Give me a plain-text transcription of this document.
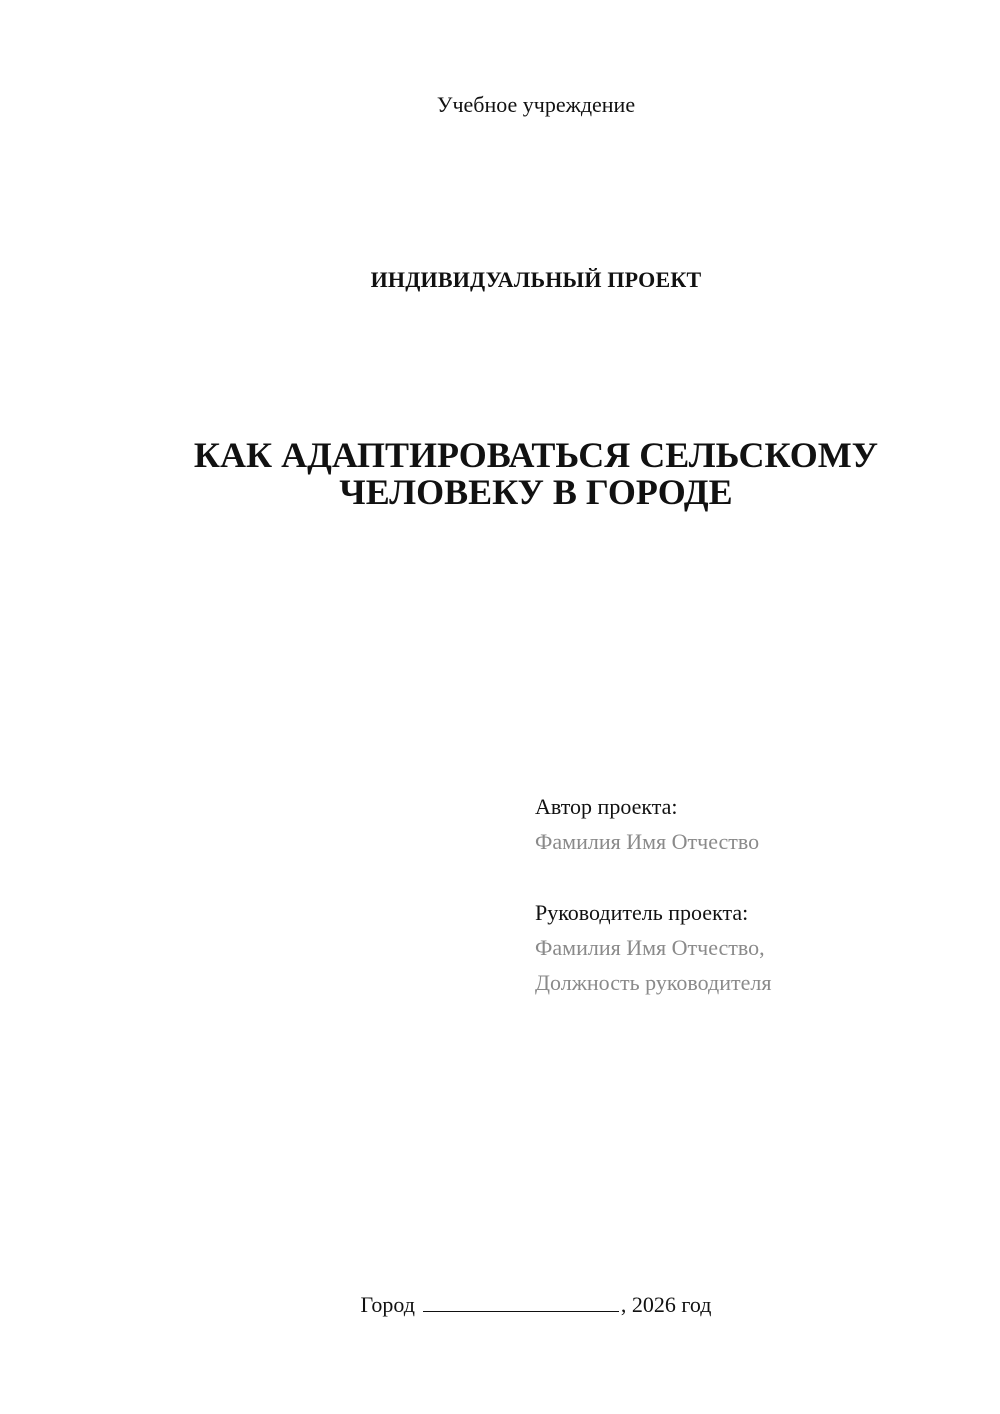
Учебное учреждение
ИНДИВИДУАЛЬНЫЙ ПРОЕКТ
КАК АДАПТИРОВАТЬСЯ СЕЛЬСКОМУ
ЧЕЛОВЕКУ В ГОРОДЕ
Автор проекта:
Фамилия Имя Отчество
Руководитель проекта:
Фамилия Имя Отчество,
Должность руководителя
Город	, 2026 год
